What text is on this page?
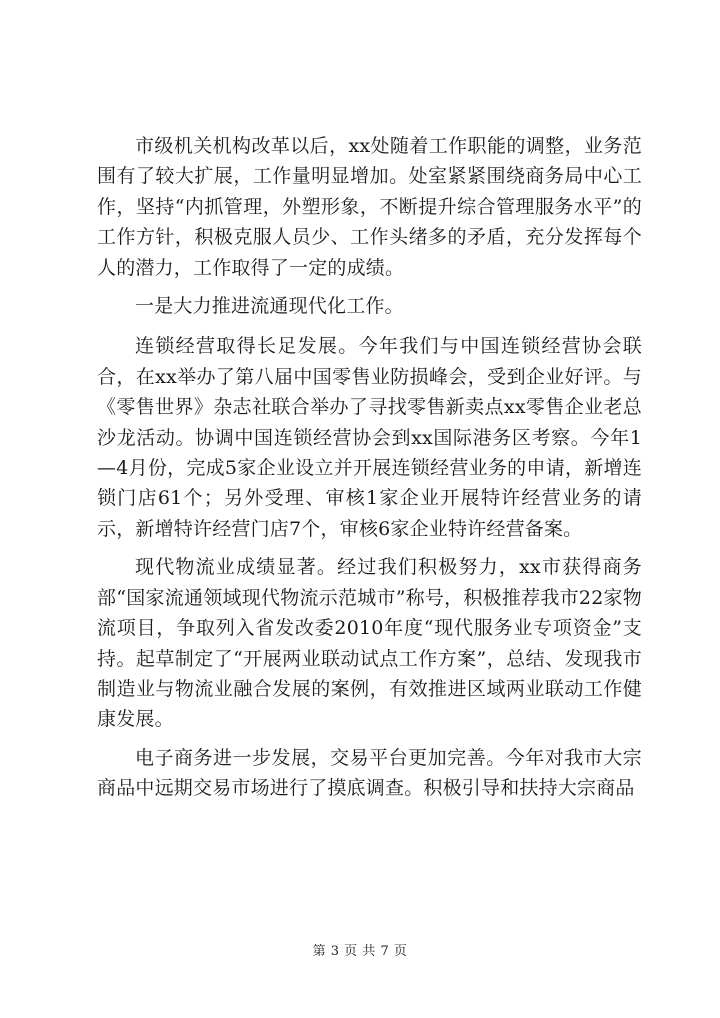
市级机关机构改革以后，xx处随着工作职能的调整，业务范围有了较大扩展，工作量明显增加。处室紧紧围绕商务局中心工作，坚持“内抓管理，外塑形象，不断提升综合管理服务水平”的工作方针，积极克服人员少、工作头绪多的矛盾，充分发挥每个人的潜力，工作取得了一定的成绩。

一是大力推进流通现代化工作。

连锁经营取得长足发展。今年我们与中国连锁经营协会联合，在xx举办了第八届中国零售业防损峰会，受到企业好评。与《零售世界》杂志社联合举办了寻找零售新卖点xx零售企业老总沙龙活动。协调中国连锁经营协会到xx国际港务区考察。今年1—4月份，完成5家企业设立并开展连锁经营业务的申请，新增连锁门店61个；另外受理、审核1家企业开展特许经营业务的请示，新增特许经营门店7个，审核6家企业特许经营备案。

现代物流业成绩显著。经过我们积极努力，xx市获得商务部“国家流通领域现代物流示范城市”称号，积极推荐我市22家物流项目，争取列入省发改委2010年度“现代服务业专项资金”支持。起草制定了“开展两业联动试点工作方案”，总结、发现我市制造业与物流业融合发展的案例，有效推进区域两业联动工作健康发展。

电子商务进一步发展，交易平台更加完善。今年对我市大宗商品中远期交易市场进行了摸底调查。积极引导和扶持大宗商品

第 3 页 共 7 页
